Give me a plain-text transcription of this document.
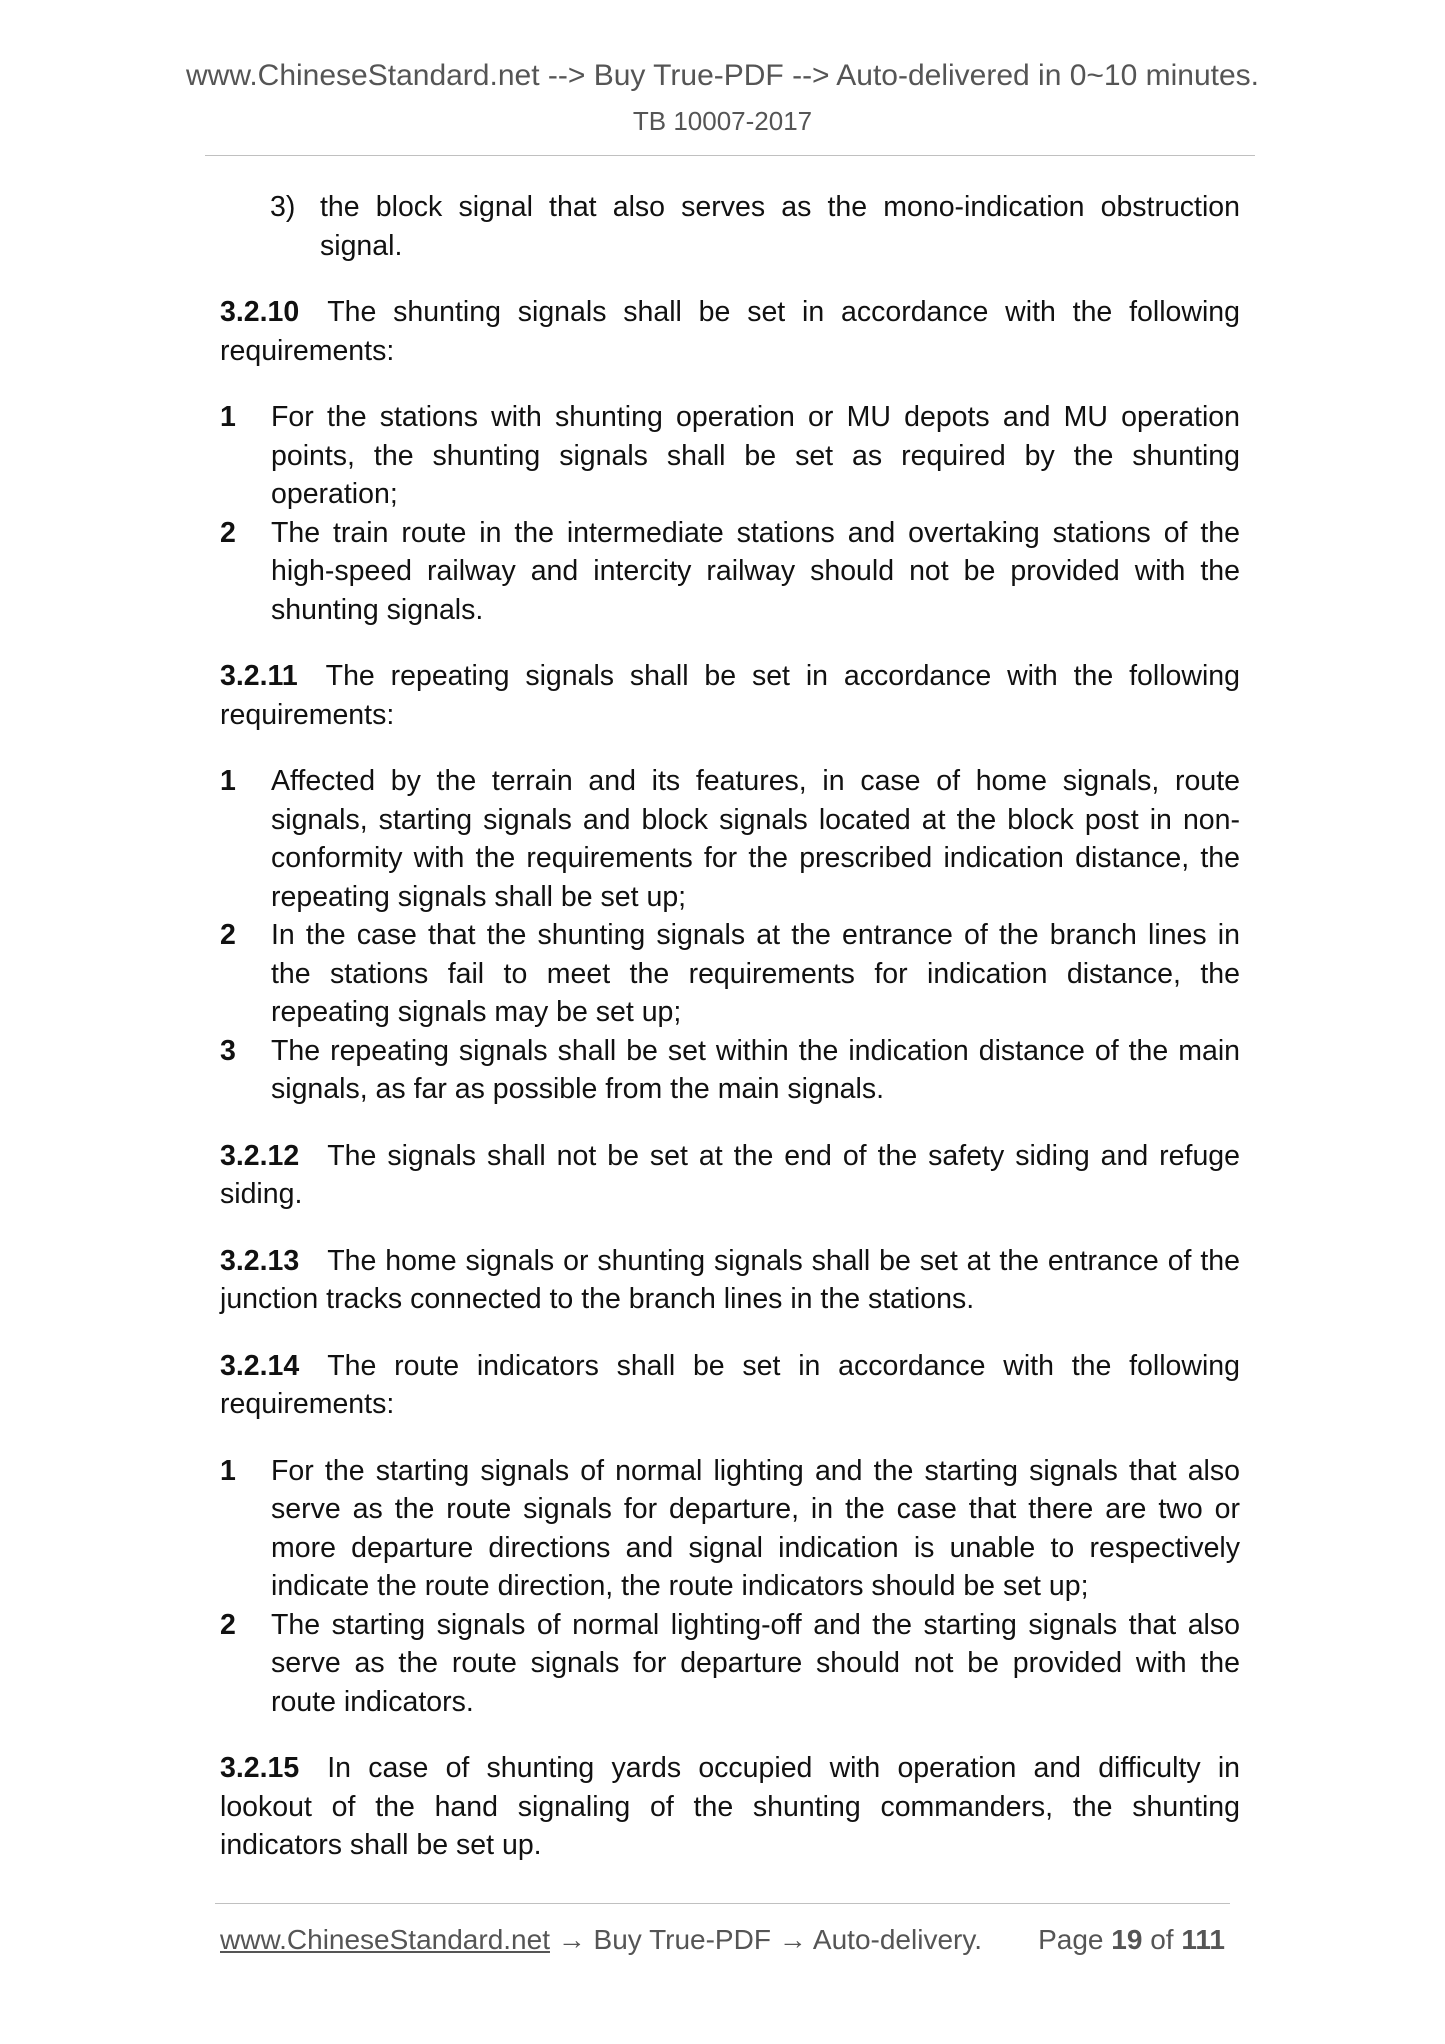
www.ChineseStandard.net --> Buy True-PDF --> Auto-delivered in 0~10 minutes.
TB 10007-2017
3) the block signal that also serves as the mono-indication obstruction signal.

3.2.10 The shunting signals shall be set in accordance with the following requirements:

1	For the stations with shunting operation or MU depots and MU operation points, the shunting signals shall be set as required by the shunting operation;
2	The train route in the intermediate stations and overtaking stations of the high-speed railway and intercity railway should not be provided with the shunting signals.

3.2.11 The repeating signals shall be set in accordance with the following requirements:

1	Affected by the terrain and its features, in case of home signals, route signals, starting signals and block signals located at the block post in non-conformity with the requirements for the prescribed indication distance, the repeating signals shall be set up;
2	In the case that the shunting signals at the entrance of the branch lines in the stations fail to meet the requirements for indication distance, the repeating signals may be set up;
3	The repeating signals shall be set within the indication distance of the main signals, as far as possible from the main signals.

3.2.12 The signals shall not be set at the end of the safety siding and refuge siding.

3.2.13 The home signals or shunting signals shall be set at the entrance of the junction tracks connected to the branch lines in the stations.

3.2.14 The route indicators shall be set in accordance with the following requirements:

1	For the starting signals of normal lighting and the starting signals that also serve as the route signals for departure, in the case that there are two or more departure directions and signal indication is unable to respectively indicate the route direction, the route indicators should be set up;
2	The starting signals of normal lighting-off and the starting signals that also serve as the route signals for departure should not be provided with the route indicators.

3.2.15 In case of shunting yards occupied with operation and difficulty in lookout of the hand signaling of the shunting commanders, the shunting indicators shall be set up.

www.ChineseStandard.net → Buy True-PDF → Auto-delivery. Page 19 of 111
